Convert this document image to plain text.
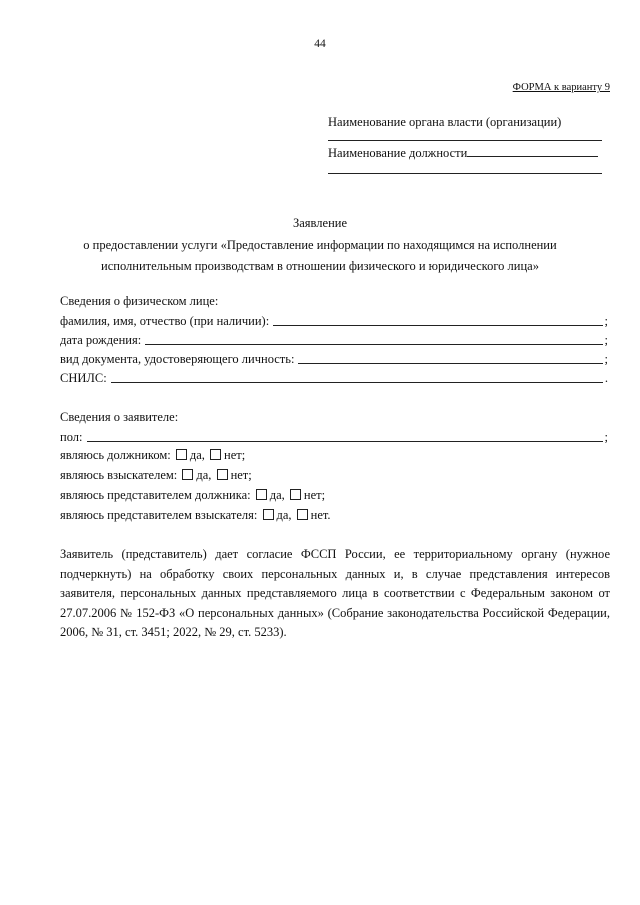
44
ФОРМА к варианту 9
Наименование органа власти (организации)
Наименование должности
Заявление
о предоставлении услуги «Предоставление информации по находящимся на исполнении
исполнительным производствам в отношении физического и юридического лица»
Сведения о физическом лице:
фамилия, имя, отчество (при наличии):	;
дата рождения:	;
вид документа, удостоверяющего личность:	;
СНИЛС:	.
Сведения о заявителе:
пол:	;
являюсь должником: да, нет;
являюсь взыскателем: да, нет;
являюсь представителем должника: да, нет;
являюсь представителем взыскателя: да, нет.
Заявитель (представитель) дает согласие ФССП России, ее территориальному органу (нужное подчеркнуть) на обработку своих персональных данных и, в случае представления интересов заявителя, персональных данных представляемого лица в соответствии с Федеральным законом от 27.07.2006 № 152-ФЗ «О персональных данных» (Собрание законодательства Российской Федерации, 2006, № 31, ст. 3451; 2022, № 29, ст. 5233).
